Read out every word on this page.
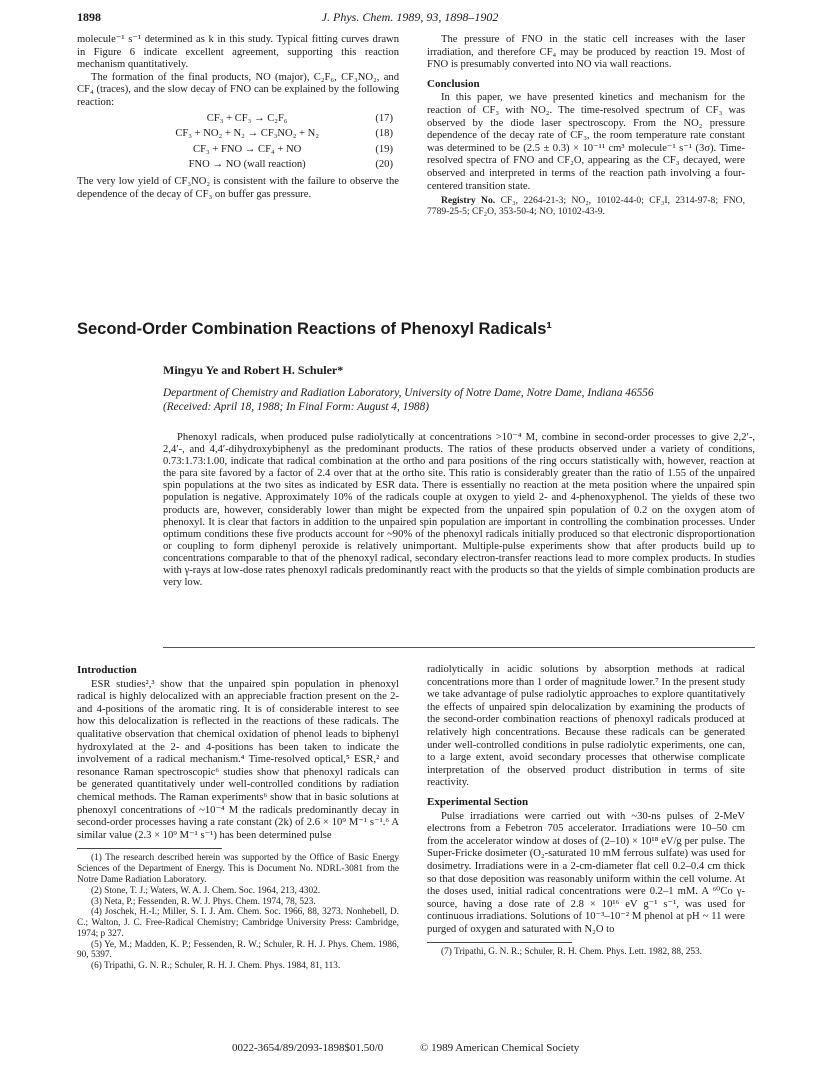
1898	J. Phys. Chem. 1989, 93, 1898–1902

molecule⁻¹ s⁻¹ determined as k in this study. Typical fitting curves drawn in Figure 6 indicate excellent agreement, supporting this reaction mechanism quantitatively.

The formation of the final products, NO (major), C₂F₆, CF₃NO₂, and CF₄ (traces), and the slow decay of FNO can be explained by the following reaction:

CF₃ + CF₃ → C₂F₆	(17)
CF₃ + NO₂ + N₂ → CF₃NO₂ + N₂	(18)
CF₃ + FNO → CF₄ + NO	(19)
FNO → NO (wall reaction)	(20)

The very low yield of CF₃NO₂ is consistent with the failure to observe the dependence of the decay of CF₃ on buffer gas pressure.

The pressure of FNO in the static cell increases with the laser irradiation, and therefore CF₄ may be produced by reaction 19. Most of FNO is presumably converted into NO via wall reactions.

Conclusion

In this paper, we have presented kinetics and mechanism for the reaction of CF₃ with NO₂. The time-resolved spectrum of CF₃ was observed by the diode laser spectroscopy. From the NO₂ pressure dependence of the decay rate of CF₃, the room temperature rate constant was determined to be (2.5 ± 0.3) × 10⁻¹¹ cm³ molecule⁻¹ s⁻¹ (3σ). Time-resolved spectra of FNO and CF₂O, appearing as the CF₃ decayed, were observed and interpreted in terms of the reaction path involving a four-centered transition state.

Registry No. CF₃, 2264-21-3; NO₂, 10102-44-0; CF₃I, 2314-97-8; FNO, 7789-25-5; CF₂O, 353-50-4; NO, 10102-43-9.

Second-Order Combination Reactions of Phenoxyl Radicals¹
Mingyu Ye and Robert H. Schuler*
Department of Chemistry and Radiation Laboratory, University of Notre Dame, Notre Dame, Indiana 46556
(Received: April 18, 1988; In Final Form: August 4, 1988)

Phenoxyl radicals, when produced pulse radiolytically at concentrations >10⁻⁴ M, combine in second-order processes to give 2,2′-, 2,4′-, and 4,4′-dihydroxybiphenyl as the predominant products. The ratios of these products observed under a variety of conditions, 0.73:1.73:1.00, indicate that radical combination at the ortho and para positions of the ring occurs statistically with, however, reaction at the para site favored by a factor of 2.4 over that at the ortho site. This ratio is considerably greater than the ratio of 1.55 of the unpaired spin populations at the two sites as indicated by ESR data. There is essentially no reaction at the meta position where the unpaired spin population is negative. Approximately 10% of the radicals couple at oxygen to yield 2- and 4-phenoxyphenol. The yields of these two products are, however, considerably lower than might be expected from the unpaired spin population of 0.2 on the oxygen atom of phenoxyl. It is clear that factors in addition to the unpaired spin population are important in controlling the combination processes. Under optimum conditions these five products account for ~90% of the phenoxyl radicals initially produced so that electronic disproportionation or coupling to form diphenyl peroxide is relatively unimportant. Multiple-pulse experiments show that after products build up to concentrations comparable to that of the phenoxyl radical, secondary electron-transfer reactions lead to more complex products. In studies with γ-rays at low-dose rates phenoxyl radicals predominantly react with the products so that the yields of simple combination products are very low.

Introduction

ESR studies²,³ show that the unpaired spin population in phenoxyl radical is highly delocalized with an appreciable fraction present on the 2- and 4-positions of the aromatic ring. It is of considerable interest to see how this delocalization is reflected in the reactions of these radicals. The qualitative observation that chemical oxidation of phenol leads to biphenyl hydroxylated at the 2- and 4-positions has been taken to indicate the involvement of a radical mechanism.⁴ Time-resolved optical,⁵ ESR,² and resonance Raman spectroscopic⁶ studies show that phenoxyl radicals can be generated quantitatively under well-controlled conditions by radiation chemical methods. The Raman experiments⁶ show that in basic solutions at phenoxyl concentrations of ~10⁻⁴ M the radicals predominantly decay in second-order processes having a rate constant (2k) of 2.6 × 10⁹ M⁻¹ s⁻¹.⁶ A similar value (2.3 × 10⁹ M⁻¹ s⁻¹) has been determined pulse

(1) The research described herein was supported by the Office of Basic Energy Sciences of the Department of Energy. This is Document No. NDRL-3081 from the Notre Dame Radiation Laboratory.

(2) Stone, T. J.; Waters, W. A. J. Chem. Soc. 1964, 213, 4302.

(3) Neta, P.; Fessenden, R. W. J. Phys. Chem. 1974, 78, 523.

(4) Joschek, H.-I.; Miller, S. I. J. Am. Chem. Soc. 1966, 88, 3273. Nonhebell, D. C.; Walton, J. C. Free-Radical Chemistry; Cambridge University Press: Cambridge, 1974; p 327.

(5) Ye, M.; Madden, K. P.; Fessenden, R. W.; Schuler, R. H. J. Phys. Chem. 1986, 90, 5397.

(6) Tripathi, G. N. R.; Schuler, R. H. J. Chem. Phys. 1984, 81, 113.

radiolytically in acidic solutions by absorption methods at radical concentrations more than 1 order of magnitude lower.⁷ In the present study we take advantage of pulse radiolytic approaches to explore quantitatively the effects of unpaired spin delocalization by examining the products of the second-order combination reactions of phenoxyl radicals produced at relatively high concentrations. Because these radicals can be generated under well-controlled conditions in pulse radiolytic experiments, one can, to a large extent, avoid secondary processes that otherwise complicate interpretation of the observed product distribution in terms of site reactivity.

Experimental Section

Pulse irradiations were carried out with ~30-ns pulses of 2-MeV electrons from a Febetron 705 accelerator. Irradiations were 10–50 cm from the accelerator window at doses of (2–10) × 10¹⁸ eV/g per pulse. The Super-Fricke dosimeter (O₂-saturated 10 mM ferrous sulfate) was used for dosimetry. Irradiations were in a 2-cm-diameter flat cell 0.2–0.4 cm thick so that dose deposition was reasonably uniform within the cell volume. At the doses used, initial radical concentrations were 0.2–1 mM. A ⁶⁰Co γ-source, having a dose rate of 2.8 × 10¹⁶ eV g⁻¹ s⁻¹, was used for continuous irradiations. Solutions of 10⁻³–10⁻² M phenol at pH ~ 11 were purged of oxygen and saturated with N₂O to

(7) Tripathi, G. N. R.; Schuler, R. H. Chem. Phys. Lett. 1982, 88, 253.

0022-3654/89/2093-1898$01.50/0	© 1989 American Chemical Society
